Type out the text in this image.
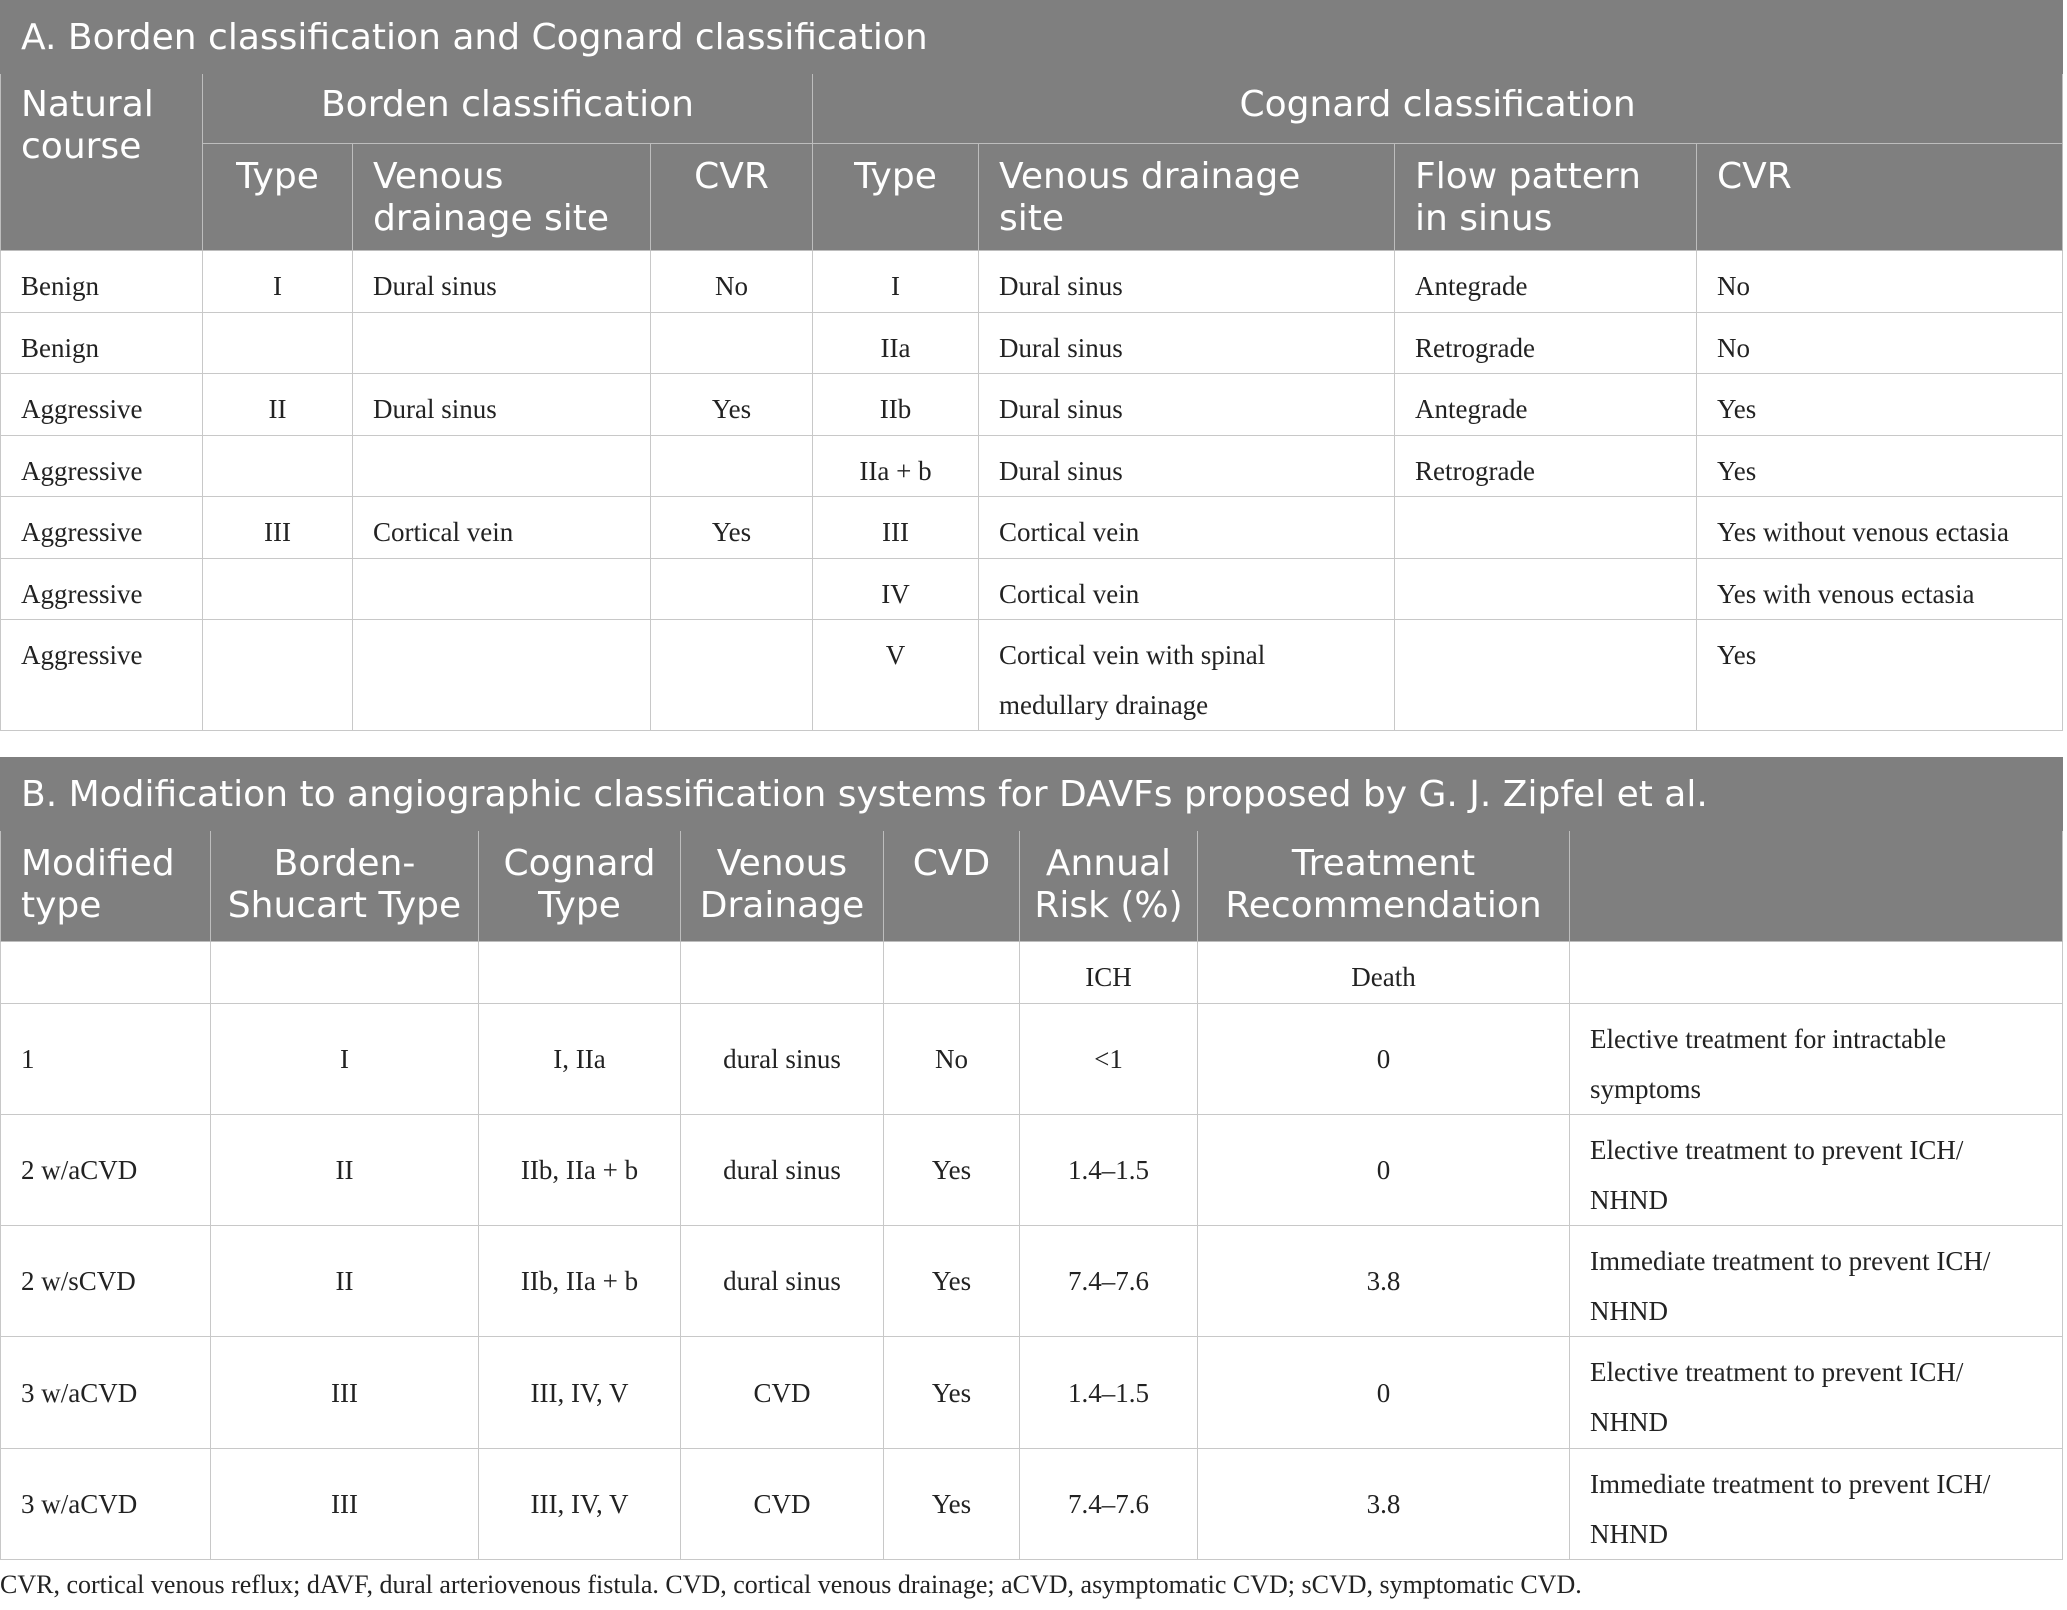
A. Borden classification and Cognard classification							
Natural course	Borden classification			Cognard classification			
	Type	Venous drainage site	CVR	Type	Venous drainage site	Flow pattern in sinus	CVR
Benign	I	Dural sinus	No	I	Dural sinus	Antegrade	No
Benign				IIa	Dural sinus	Retrograde	No
Aggressive	II	Dural sinus	Yes	IIb	Dural sinus	Antegrade	Yes
Aggressive				IIa + b	Dural sinus	Retrograde	Yes
Aggressive	III	Cortical vein	Yes	III	Cortical vein		Yes without venous ectasia
Aggressive				IV	Cortical vein		Yes with venous ectasia
Aggressive				V	Cortical vein with spinal medullary drainage		Yes
B. Modification to angiographic classification systems for DAVFs proposed by G. J. Zipfel et al.							
Modified type	Borden-Shucart Type	Cognard Type	Venous Drainage	CVD	Annual Risk (%)	Treatment Recommendation	
					ICH	Death	
1	I	I, IIa	dural sinus	No	<1	0	Elective treatment for intractable symptoms
2 w/aCVD	II	IIb, IIa + b	dural sinus	Yes	1.4–1.5	0	Elective treatment to prevent ICH/ NHND
2 w/sCVD	II	IIb, IIa + b	dural sinus	Yes	7.4–7.6	3.8	Immediate treatment to prevent ICH/ NHND
3 w/aCVD	III	III, IV, V	CVD	Yes	1.4–1.5	0	Elective treatment to prevent ICH/ NHND
3 w/aCVD	III	III, IV, V	CVD	Yes	7.4–7.6	3.8	Immediate treatment to prevent ICH/ NHND
CVR, cortical venous reflux; dAVF, dural arteriovenous fistula. CVD, cortical venous drainage; aCVD, asymptomatic CVD; sCVD, symptomatic CVD.
